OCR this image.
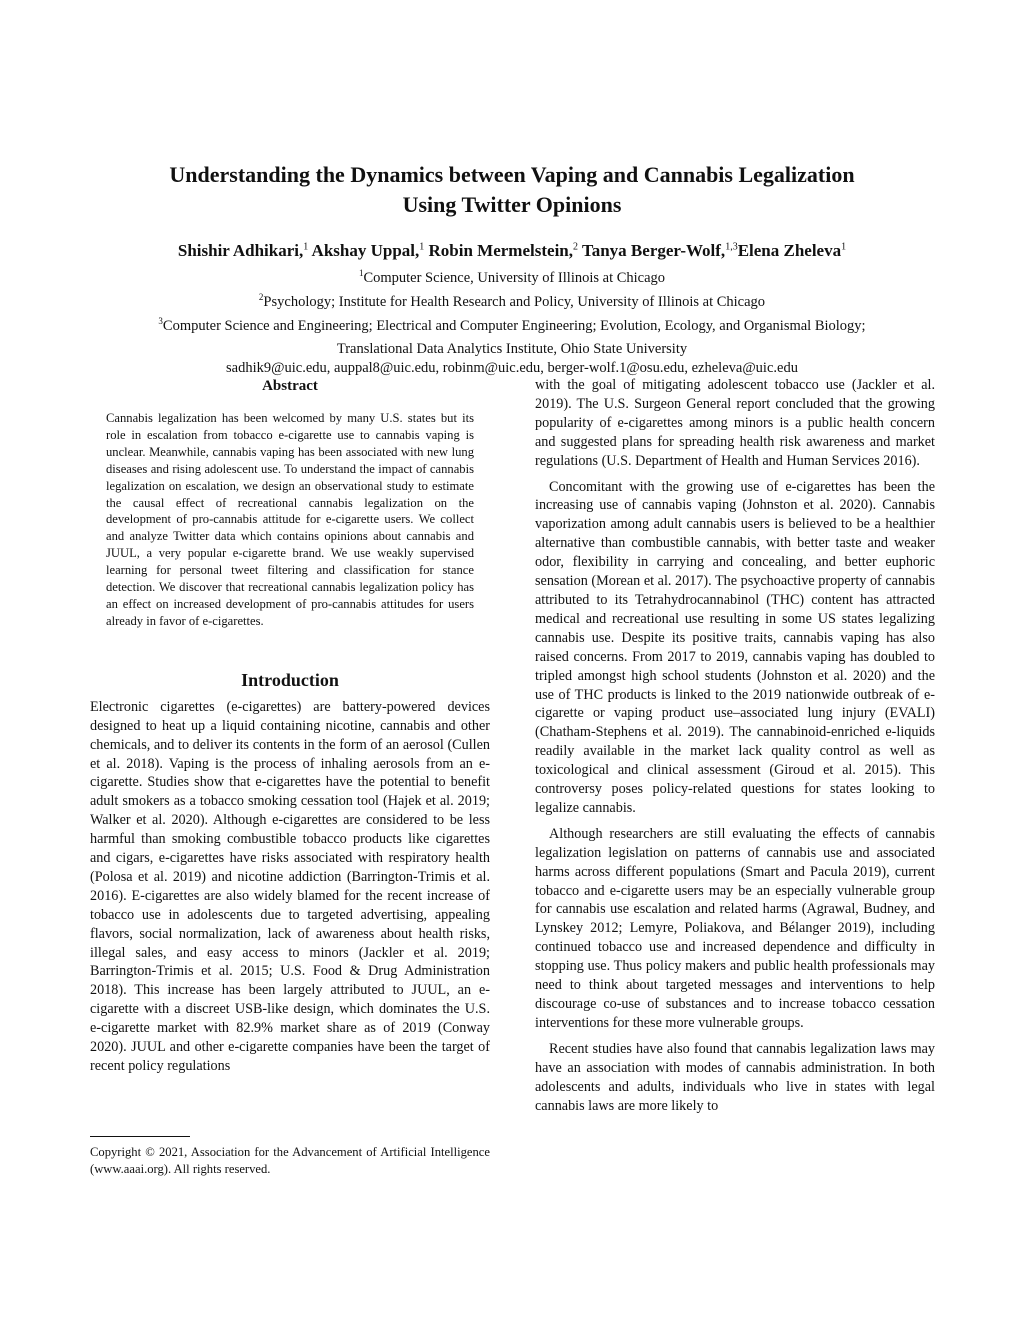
Understanding the Dynamics between Vaping and Cannabis Legalization
Using Twitter Opinions
Shishir Adhikari,$^1$ Akshay Uppal,$^1$ Robin Mermelstein,$^2$ Tanya Berger-Wolf,$^{1,3}$Elena Zheleva$^1$
$^1$Computer Science, University of Illinois at Chicago
$^2$Psychology; Institute for Health Research and Policy, University of Illinois at Chicago
$^3$Computer Science and Engineering; Electrical and Computer Engineering; Evolution, Ecology, and Organismal Biology;
Translational Data Analytics Institute, Ohio State University
sadhik9@uic.edu, auppal8@uic.edu, robinm@uic.edu, berger-wolf.1@osu.edu, ezheleva@uic.edu
Abstract

Cannabis legalization has been welcomed by many U.S. states but its role in escalation from tobacco e-cigarette use to cannabis vaping is unclear. Meanwhile, cannabis vaping has been associated with new lung diseases and rising adolescent use. To understand the impact of cannabis legalization on escalation, we design an observational study to estimate the causal effect of recreational cannabis legalization on the development of pro-cannabis attitude for e-cigarette users. We collect and analyze Twitter data which contains opinions about cannabis and JUUL, a very popular e-cigarette brand. We use weakly supervised learning for personal tweet filtering and classification for stance detection. We discover that recreational cannabis legalization policy has an effect on increased development of pro-cannabis attitudes for users already in favor of e-cigarettes.

Introduction

Electronic cigarettes (e-cigarettes) are battery-powered devices designed to heat up a liquid containing nicotine, cannabis and other chemicals, and to deliver its contents in the form of an aerosol (Cullen et al. 2018). Vaping is the process of inhaling aerosols from an e-cigarette. Studies show that e-cigarettes have the potential to benefit adult smokers as a tobacco smoking cessation tool (Hajek et al. 2019; Walker et al. 2020). Although e-cigarettes are considered to be less harmful than smoking combustible tobacco products like cigarettes and cigars, e-cigarettes have risks associated with respiratory health (Polosa et al. 2019) and nicotine addiction (Barrington-Trimis et al. 2016). E-cigarettes are also widely blamed for the recent increase of tobacco use in adolescents due to targeted advertising, appealing flavors, social normalization, lack of awareness about health risks, illegal sales, and easy access to minors (Jackler et al. 2019; Barrington-Trimis et al. 2015; U.S. Food & Drug Administration 2018). This increase has been largely attributed to JUUL, an e-cigarette with a discreet USB-like design, which dominates the U.S. e-cigarette market with 82.9% market share as of 2019 (Conway 2020). JUUL and other e-cigarette companies have been the target of recent policy regulations

Copyright © 2021, Association for the Advancement of Artificial Intelligence (www.aaai.org). All rights reserved.

with the goal of mitigating adolescent tobacco use (Jackler et al. 2019). The U.S. Surgeon General report concluded that the growing popularity of e-cigarettes among minors is a public health concern and suggested plans for spreading health risk awareness and market regulations (U.S. Department of Health and Human Services 2016).

Concomitant with the growing use of e-cigarettes has been the increasing use of cannabis vaping (Johnston et al. 2020). Cannabis vaporization among adult cannabis users is believed to be a healthier alternative than combustible cannabis, with better taste and weaker odor, flexibility in carrying and concealing, and better euphoric sensation (Morean et al. 2017). The psychoactive property of cannabis attributed to its Tetrahydrocannabinol (THC) content has attracted medical and recreational use resulting in some US states legalizing cannabis use. Despite its positive traits, cannabis vaping has also raised concerns. From 2017 to 2019, cannabis vaping has doubled to tripled amongst high school students (Johnston et al. 2020) and the use of THC products is linked to the 2019 nationwide outbreak of e-cigarette or vaping product use–associated lung injury (EVALI) (Chatham-Stephens et al. 2019). The cannabinoid-enriched e-liquids readily available in the market lack quality control as well as toxicological and clinical assessment (Giroud et al. 2015). This controversy poses policy-related questions for states looking to legalize cannabis.

Although researchers are still evaluating the effects of cannabis legalization legislation on patterns of cannabis use and associated harms across different populations (Smart and Pacula 2019), current tobacco and e-cigarette users may be an especially vulnerable group for cannabis use escalation and related harms (Agrawal, Budney, and Lynskey 2012; Lemyre, Poliakova, and Bélanger 2019), including continued tobacco use and increased dependence and difficulty in stopping use. Thus policy makers and public health professionals may need to think about targeted messages and interventions to help discourage co-use of substances and to increase tobacco cessation interventions for these more vulnerable groups.

Recent studies have also found that cannabis legalization laws may have an association with modes of cannabis administration. In both adolescents and adults, individuals who live in states with legal cannabis laws are more likely to
